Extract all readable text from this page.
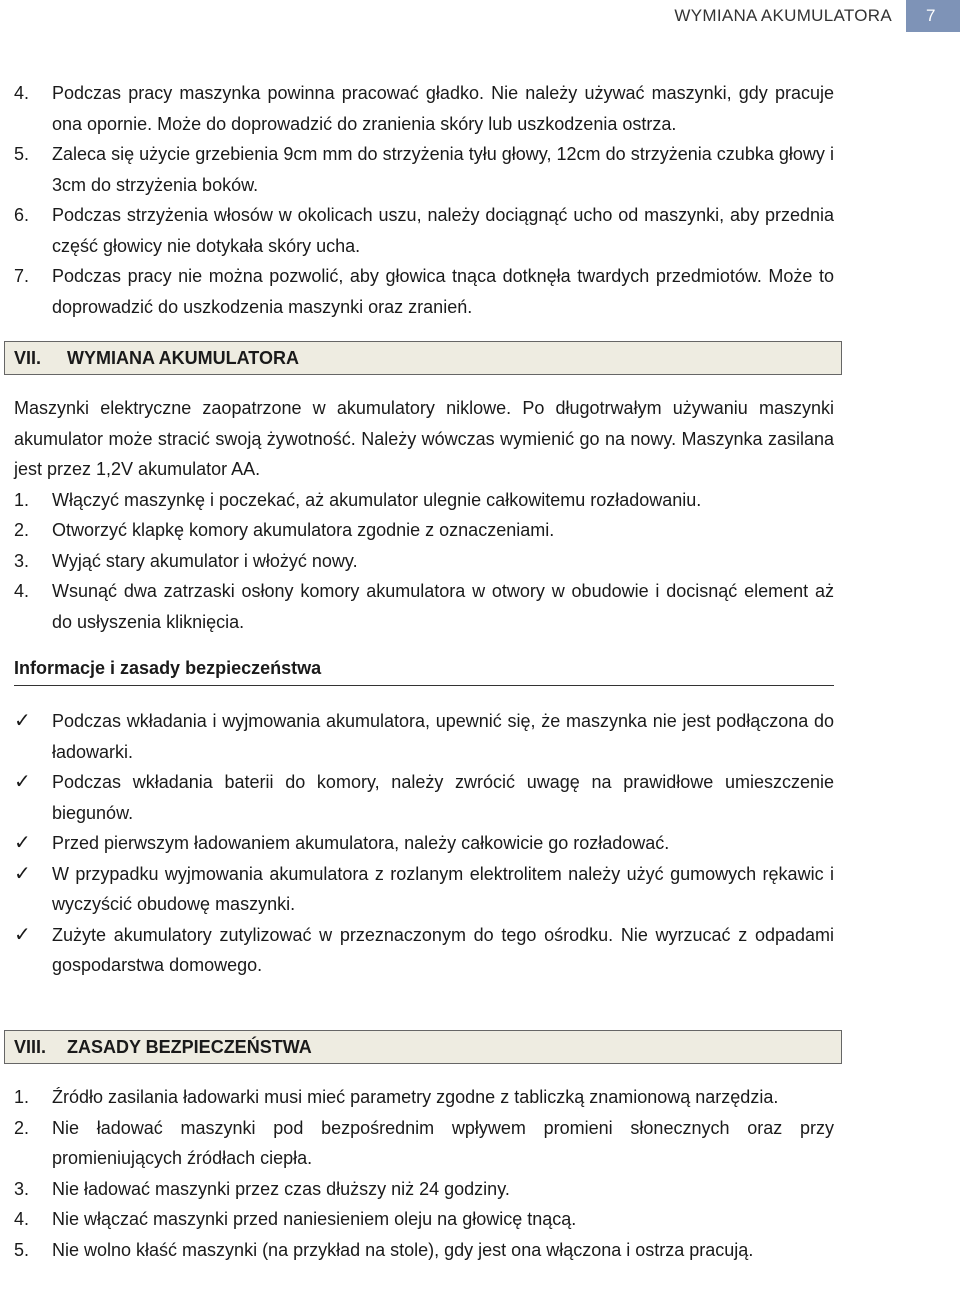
WYMIANA AKUMULATORA	7
4.	Podczas pracy maszynka powinna pracować gładko. Nie należy używać maszynki, gdy pracuje ona opornie. Może do doprowadzić do zranienia skóry lub uszkodzenia ostrza.
5.	Zaleca się użycie grzebienia 9cm mm do strzyżenia tyłu głowy, 12cm do strzyżenia czubka głowy i 3cm do strzyżenia boków.
6.	Podczas strzyżenia włosów w okolicach uszu, należy dociągnąć ucho od maszynki, aby przednia część głowicy nie dotykała skóry ucha.
7.	Podczas pracy nie można pozwolić, aby głowica tnąca dotknęła twardych przedmiotów. Może to doprowadzić do uszkodzenia maszynki oraz zranień.
VII.	WYMIANA AKUMULATORA

Maszynki elektryczne zaopatrzone w akumulatory niklowe. Po długotrwałym używaniu maszynki akumulator może stracić swoją żywotność. Należy wówczas wymienić go na nowy. Maszynka zasilana jest przez 1,2V akumulator AA.

1.	Włączyć maszynkę i poczekać, aż akumulator ulegnie całkowitemu rozładowaniu.
2.	Otworzyć klapkę komory akumulatora zgodnie z oznaczeniami.
3.	Wyjąć stary akumulator i włożyć nowy.
4.	Wsunąć dwa zatrzaski osłony komory akumulatora w otwory w obudowie i docisnąć element aż do usłyszenia kliknięcia.
Informacje i zasady bezpieczeństwa
✓	Podczas wkładania i wyjmowania akumulatora, upewnić się, że maszynka nie jest podłączona do ładowarki.
✓	Podczas wkładania baterii do komory, należy zwrócić uwagę na prawidłowe umieszczenie biegunów.
✓	Przed pierwszym ładowaniem akumulatora, należy całkowicie go rozładować.
✓	W przypadku wyjmowania akumulatora z rozlanym elektrolitem należy użyć gumowych rękawic i wyczyścić obudowę maszynki.
✓	Zużyte akumulatory zutylizować w przeznaczonym do tego ośrodku. Nie wyrzucać z odpadami gospodarstwa domowego.
VIII.	ZASADY BEZPIECZEŃSTWA
1.	Źródło zasilania ładowarki musi mieć parametry zgodne z tabliczką znamionową narzędzia.
2.	Nie ładować maszynki pod bezpośrednim wpływem promieni słonecznych oraz przy promieniujących źródłach ciepła.
3.	Nie ładować maszynki przez czas dłuższy niż 24 godziny.
4.	Nie włączać maszynki przed naniesieniem oleju na głowicę tnącą.
5.	Nie wolno kłaść maszynki (na przykład na stole), gdy jest ona włączona i ostrza pracują.
